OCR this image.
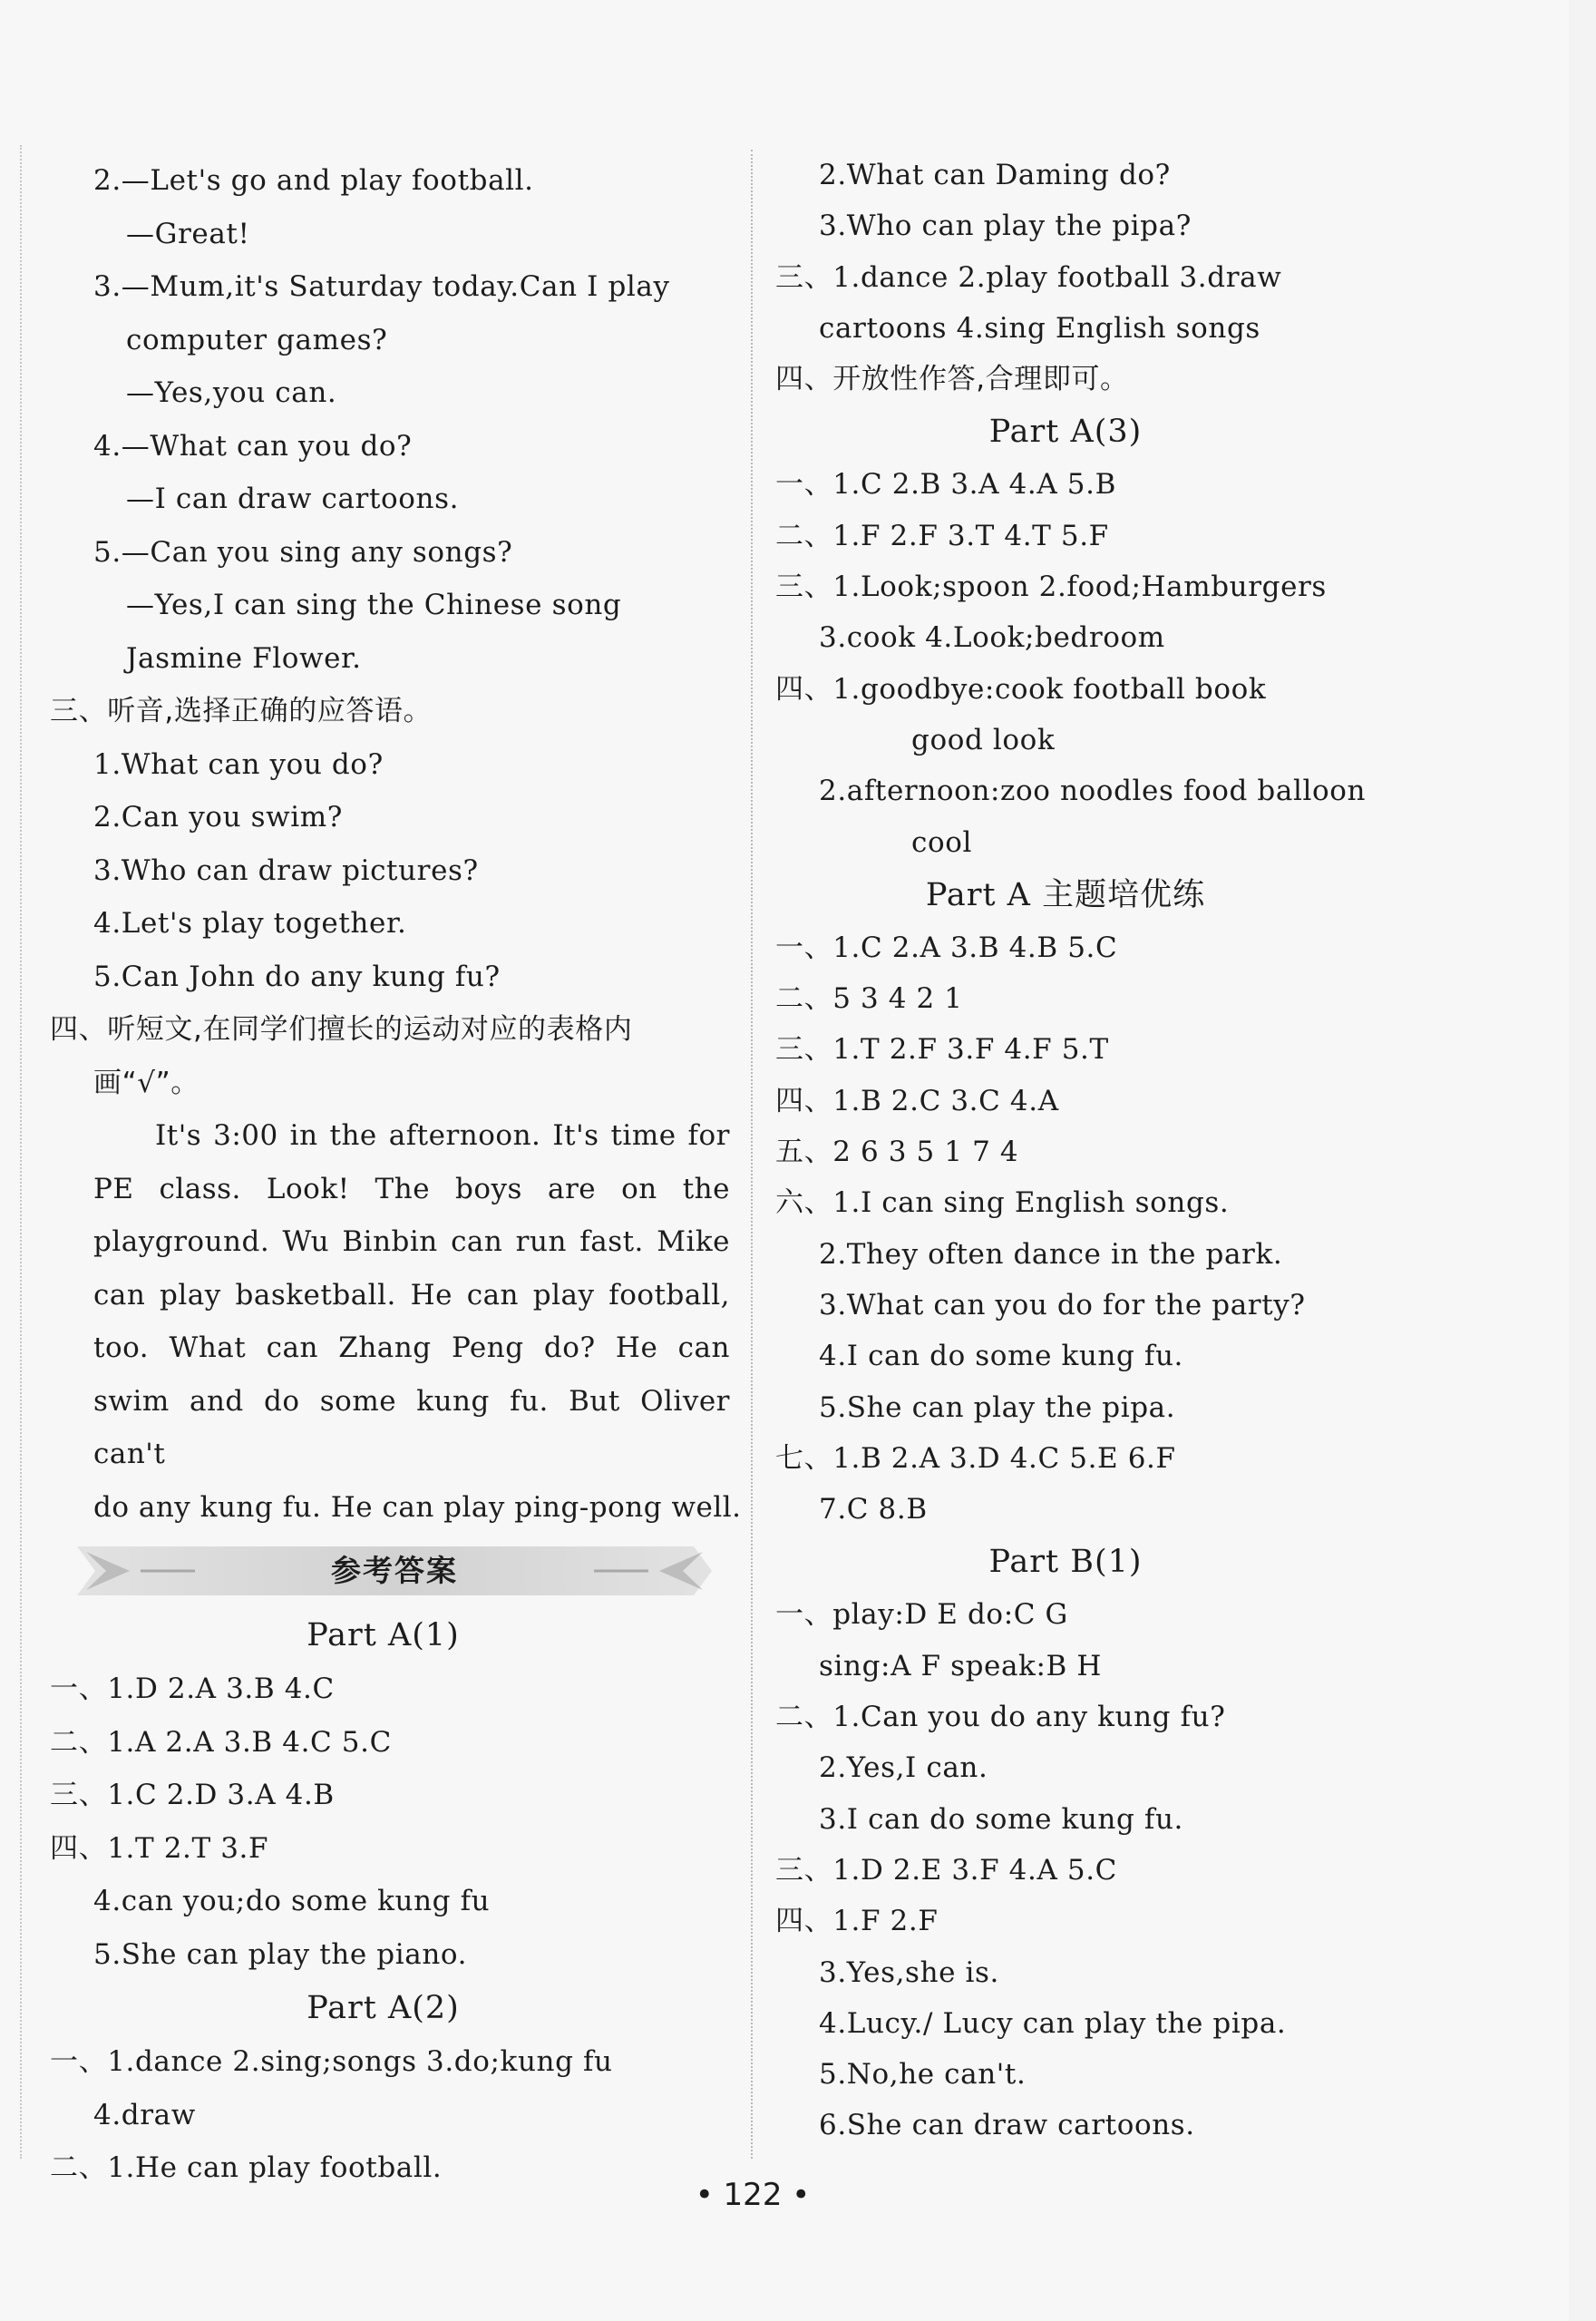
2.—Let's go and play football.
—Great!
3.—Mum,it's Saturday today.Can I play
computer games?
—Yes,you can.
4.—What can you do?
—I can draw cartoons.
5.—Can you sing any songs?
—Yes,I can sing the Chinese song
Jasmine Flower.
三、听音,选择正确的应答语。
1.What can you do?
2.Can you swim?
3.Who can draw pictures?
4.Let's play together.
5.Can John do any kung fu?
四、听短文,在同学们擅长的运动对应的表格内
画“√”。
It's 3:00 in the afternoon. It's time for
PE class. Look! The boys are on the
playground. Wu Binbin can run fast. Mike
can play basketball. He can play football,
too. What can Zhang Peng do? He can
swim and do some kung fu. But Oliver can't
do any kung fu. He can play ping-pong well.
参考答案
Part A(1)
一、1.D 2.A 3.B 4.C
二、1.A 2.A 3.B 4.C 5.C
三、1.C 2.D 3.A 4.B
四、1.T 2.T 3.F
4.can you;do some kung fu
5.She can play the piano.
Part A(2)
一、1.dance 2.sing;songs 3.do;kung fu
4.draw
二、1.He can play football.
2.What can Daming do?
3.Who can play the pipa?
三、1.dance 2.play football 3.draw
cartoons 4.sing English songs
四、开放性作答,合理即可。
Part A(3)
一、1.C 2.B 3.A 4.A 5.B
二、1.F 2.F 3.T 4.T 5.F
三、1.Look;spoon 2.food;Hamburgers
3.cook 4.Look;bedroom
四、1.goodbye:cook football book
good look
2.afternoon:zoo noodles food balloon
cool
Part A 主题培优练
一、1.C 2.A 3.B 4.B 5.C
二、5 3 4 2 1
三、1.T 2.F 3.F 4.F 5.T
四、1.B 2.C 3.C 4.A
五、2 6 3 5 1 7 4
六、1.I can sing English songs.
2.They often dance in the park.
3.What can you do for the party?
4.I can do some kung fu.
5.She can play the pipa.
七、1.B 2.A 3.D 4.C 5.E 6.F
7.C 8.B
Part B(1)
一、play:D E do:C G
sing:A F speak:B H
二、1.Can you do any kung fu?
2.Yes,I can.
3.I can do some kung fu.
三、1.D 2.E 3.F 4.A 5.C
四、1.F 2.F
3.Yes,she is.
4.Lucy./ Lucy can play the pipa.
5.No,he can't.
6.She can draw cartoons.
• 122 •
